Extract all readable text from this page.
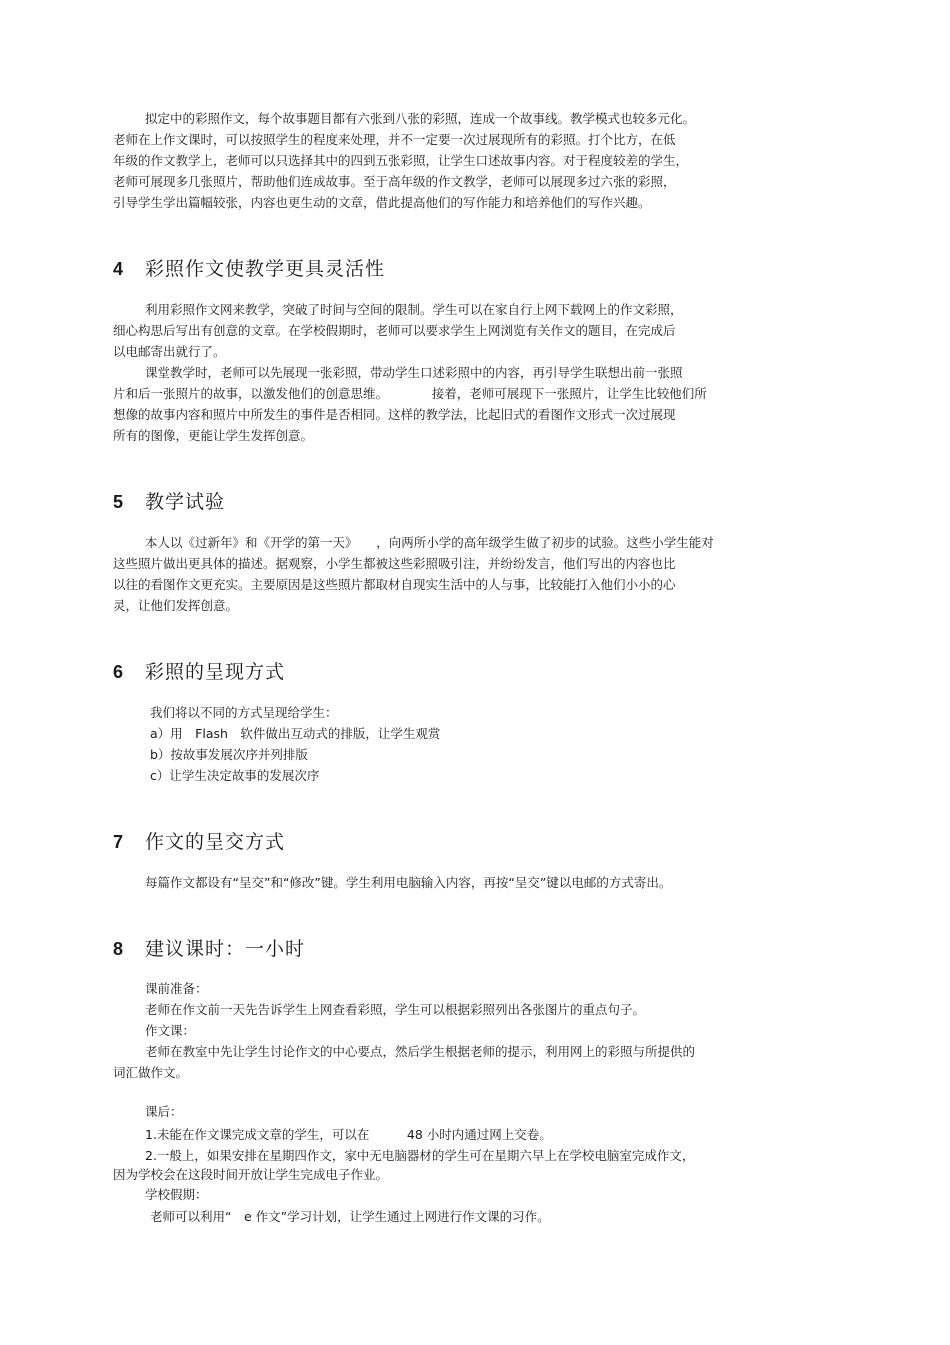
拟定中的彩照作文，每个故事题目都有六张到八张的彩照，连成一个故事线。教学模式也较多元化。
老师在上作文课时，可以按照学生的程度来处理，并不一定要一次过展现所有的彩照。打个比方，在低
年级的作文教学上，老师可以只选择其中的四到五张彩照，让学生口述故事内容。对于程度较差的学生，
老师可展现多几张照片，帮助他们连成故事。至于高年级的作文教学，老师可以展现多过六张的彩照，
引导学生学出篇幅较张，内容也更生动的文章，借此提高他们的写作能力和培养他们的写作兴趣。
4 彩照作文使教学更具灵活性
利用彩照作文网来教学，突破了时间与空间的限制。学生可以在家自行上网下载网上的作文彩照，
细心构思后写出有创意的文章。在学校假期时，老师可以要求学生上网浏览有关作文的题目，在完成后
以电邮寄出就行了。
课堂教学时，老师可以先展现一张彩照，带动学生口述彩照中的内容，再引导学生联想出前一张照
片和后一张照片的故事，以激发他们的创意思维。　　　　接着，老师可展现下一张照片，让学生比较他们所
想像的故事内容和照片中所发生的事件是否相同。这样的教学法，比起旧式的看图作文形式一次过展现
所有的图像，更能让学生发挥创意。
5 教学试验
本人以《过新年》和《开学的第一天》　　，向两所小学的高年级学生做了初步的试验。这些小学生能对
这些照片做出更具体的描述。据观察，小学生都被这些彩照吸引注，并纷纷发言，他们写出的内容也比
以往的看图作文更充实。主要原因是这些照片都取材自现实生活中的人与事，比较能打入他们小小的心
灵，让他们发挥创意。
6 彩照的呈现方式
我们将以不同的方式呈现给学生：
a）用　Flash　软件做出互动式的排版，让学生观赏
b）按故事发展次序并列排版
c）让学生决定故事的发展次序
7 作文的呈交方式
每篇作文都设有“呈交”和“修改”键。学生利用电脑输入内容，再按“呈交”键以电邮的方式寄出。
8 建议课时：一小时
课前准备：
老师在作文前一天先告诉学生上网查看彩照，学生可以根据彩照列出各张图片的重点句子。
作文课：
老师在教室中先让学生讨论作文的中心要点，然后学生根据老师的提示，利用网上的彩照与所提供的
词汇做作文。
课后：
1.未能在作文课完成文章的学生，可以在　　　48 小时内通过网上交卷。
2.一般上，如果安排在星期四作文，家中无电脑器材的学生可在星期六早上在学校电脑室完成作文，
因为学校会在这段时间开放让学生完成电子作业。
学校假期：
老师可以利用“　e 作文”学习计划，让学生通过上网进行作文课的习作。
